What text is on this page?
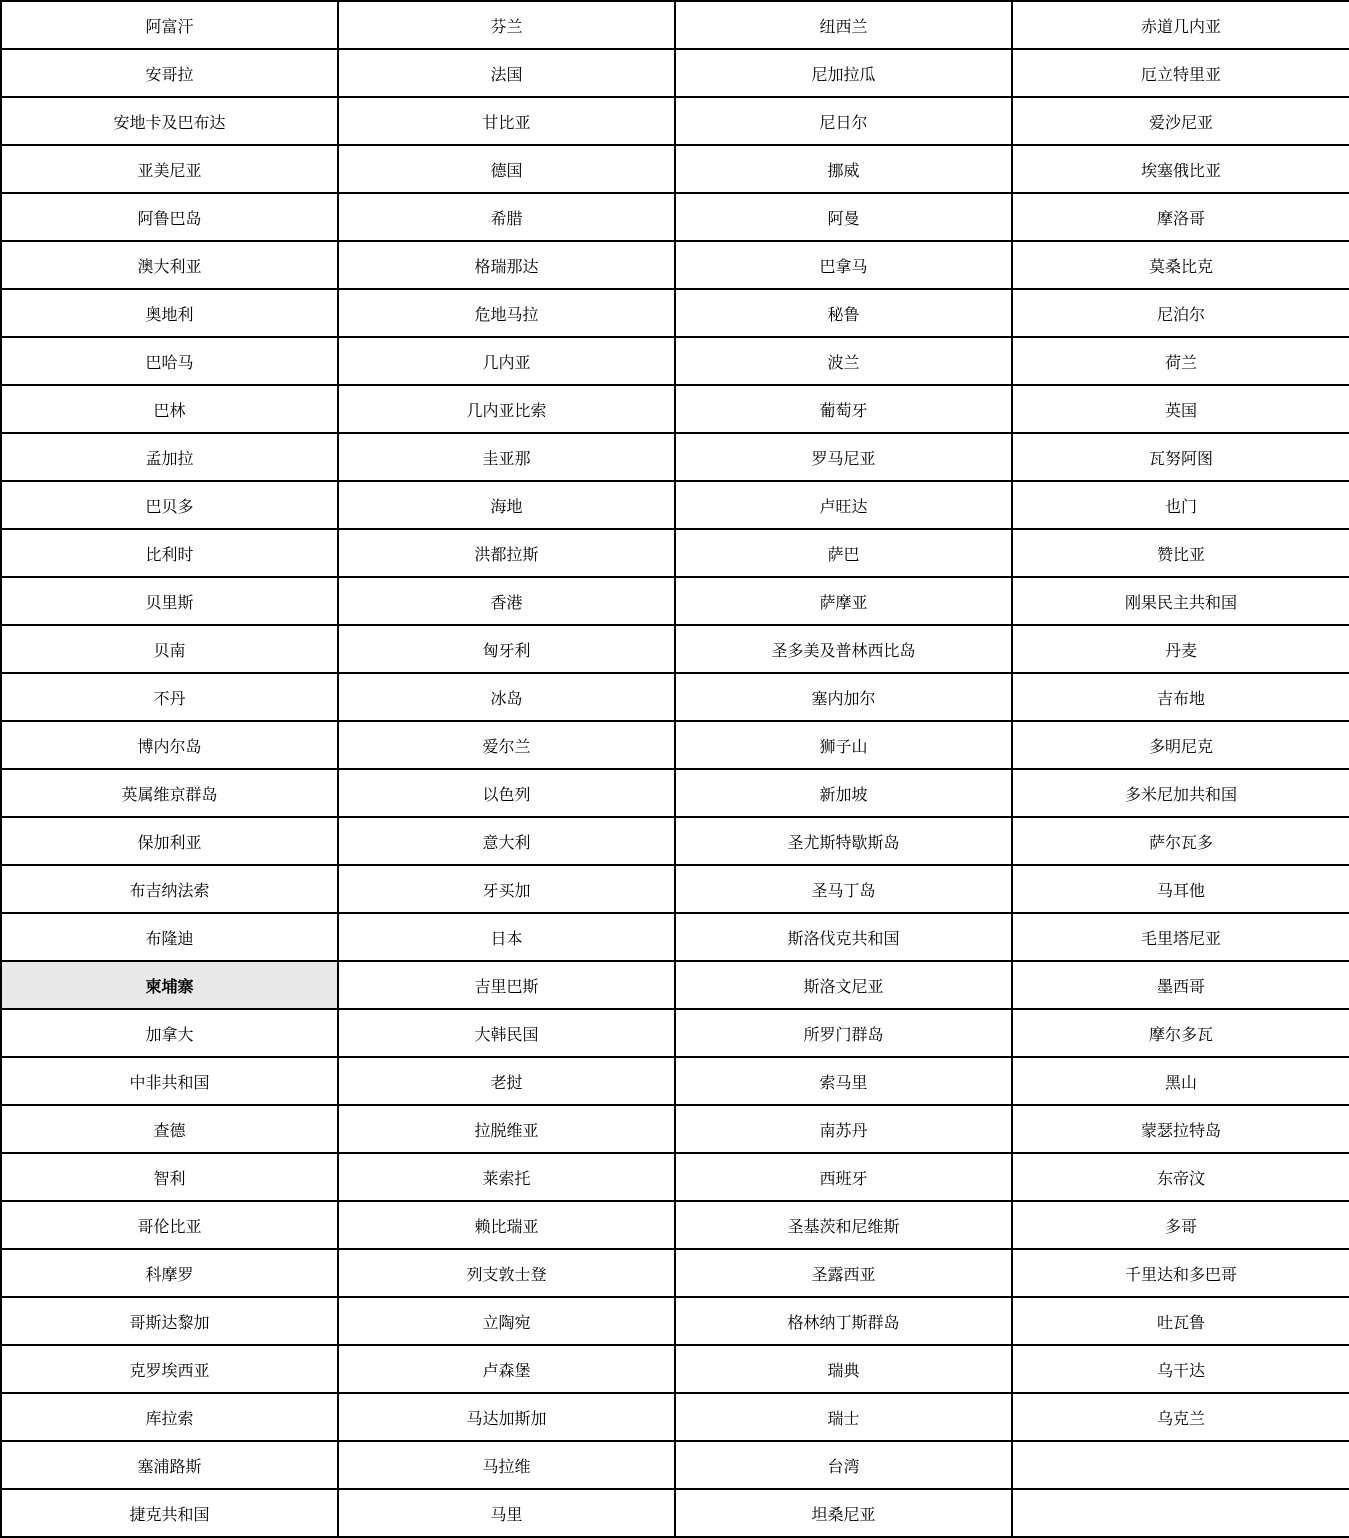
阿富汗	芬兰	纽西兰	赤道几内亚
安哥拉	法国	尼加拉瓜	厄立特里亚
安地卡及巴布达	甘比亚	尼日尔	爱沙尼亚
亚美尼亚	德国	挪威	埃塞俄比亚
阿鲁巴岛	希腊	阿曼	摩洛哥
澳大利亚	格瑞那达	巴拿马	莫桑比克
奥地利	危地马拉	秘鲁	尼泊尔
巴哈马	几内亚	波兰	荷兰
巴林	几内亚比索	葡萄牙	英国
孟加拉	圭亚那	罗马尼亚	瓦努阿图
巴贝多	海地	卢旺达	也门
比利时	洪都拉斯	萨巴	赞比亚
贝里斯	香港	萨摩亚	刚果民主共和国
贝南	匈牙利	圣多美及普林西比岛	丹麦
不丹	冰岛	塞内加尔	吉布地
博内尔岛	爱尔兰	狮子山	多明尼克
英属维京群岛	以色列	新加坡	多米尼加共和国
保加利亚	意大利	圣尤斯特歇斯岛	萨尔瓦多
布吉纳法索	牙买加	圣马丁岛	马耳他
布隆迪	日本	斯洛伐克共和国	毛里塔尼亚
柬埔寨	吉里巴斯	斯洛文尼亚	墨西哥
加拿大	大韩民国	所罗门群岛	摩尔多瓦
中非共和国	老挝	索马里	黑山
查德	拉脱维亚	南苏丹	蒙瑟拉特岛
智利	莱索托	西班牙	东帝汶
哥伦比亚	赖比瑞亚	圣基茨和尼维斯	多哥
科摩罗	列支敦士登	圣露西亚	千里达和多巴哥
哥斯达黎加	立陶宛	格林纳丁斯群岛	吐瓦鲁
克罗埃西亚	卢森堡	瑞典	乌干达
库拉索	马达加斯加	瑞士	乌克兰
塞浦路斯	马拉维	台湾	
捷克共和国	马里	坦桑尼亚	
